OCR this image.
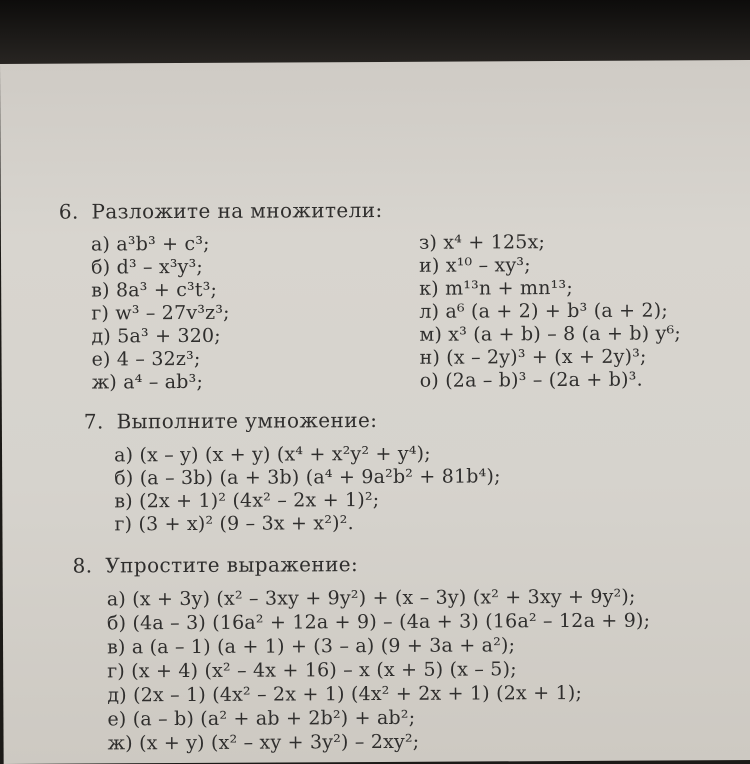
6. Разложите на множители:
а) a³b³ + c³;
б) d³ – x³y³;
в) 8a³ + c³t³;
г) w³ – 27v³z³;
д) 5a³ + 320;
е) 4 – 32z³;
ж) a⁴ – ab³;
з) x⁴ + 125x;
и) x¹⁰ – xy³;
к) m¹³n + mn¹³;
л) a⁶ (a + 2) + b³ (a + 2);
м) x³ (a + b) – 8 (a + b) y⁶;
н) (x – 2y)³ + (x + 2y)³;
о) (2a – b)³ – (2a + b)³.
7. Выполните умножение:
а) (x – y) (x + y) (x⁴ + x²y² + y⁴);
б) (a – 3b) (a + 3b) (a⁴ + 9a²b² + 81b⁴);
в) (2x + 1)² (4x² – 2x + 1)²;
г) (3 + x)² (9 – 3x + x²)².
8. Упростите выражение:
а) (x + 3y) (x² – 3xy + 9y²) + (x – 3y) (x² + 3xy + 9y²);
б) (4a – 3) (16a² + 12a + 9) – (4a + 3) (16a² – 12a + 9);
в) a (a – 1) (a + 1) + (3 – a) (9 + 3a + a²);
г) (x + 4) (x² – 4x + 16) – x (x + 5) (x – 5);
д) (2x – 1) (4x² – 2x + 1) (4x² + 2x + 1) (2x + 1);
е) (a – b) (a² + ab + 2b²) + ab²;
ж) (x + y) (x² – xy + 3y²) – 2xy²;
